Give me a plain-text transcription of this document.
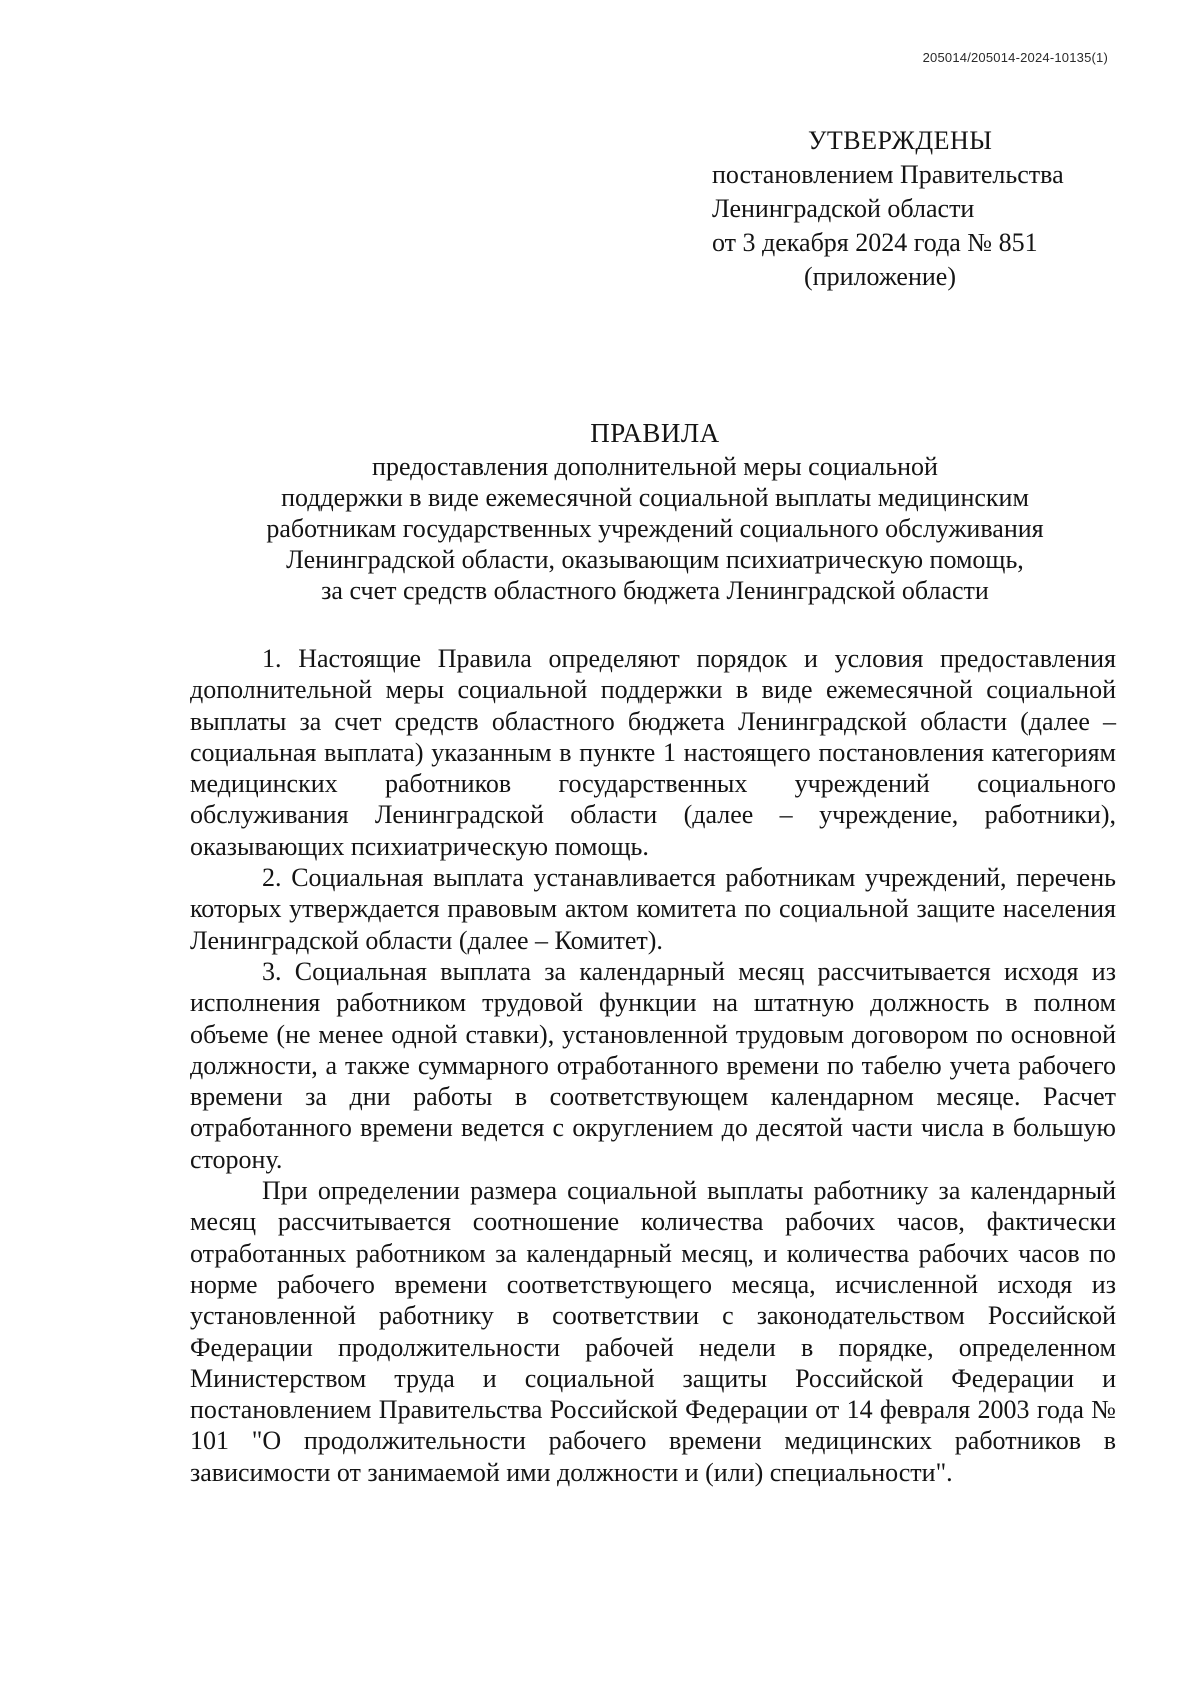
205014/205014-2024-10135(1)
УТВЕРЖДЕНЫ
постановлением Правительства
Ленинградской области
от 3 декабря 2024 года № 851
(приложение)
ПРАВИЛА
предоставления дополнительной меры социальной
поддержки в виде ежемесячной социальной выплаты медицинским
работникам государственных учреждений социального обслуживания
Ленинградской области, оказывающим психиатрическую помощь,
за счет средств областного бюджета Ленинградской области

1. Настоящие Правила определяют порядок и условия предоставления дополнительной меры социальной поддержки в виде ежемесячной социальной выплаты за счет средств областного бюджета Ленинградской области (далее – социальная выплата) указанным в пункте 1 настоящего постановления категориям медицинских работников государственных учреждений социального обслуживания Ленинградской области (далее – учреждение, работники), оказывающих психиатрическую помощь.

2. Социальная выплата устанавливается работникам учреждений, перечень которых утверждается правовым актом комитета по социальной защите населения Ленинградской области (далее – Комитет).

3. Социальная выплата за календарный месяц рассчитывается исходя из исполнения работником трудовой функции на штатную должность в полном объеме (не менее одной ставки), установленной трудовым договором по основной должности, а также суммарного отработанного времени по табелю учета рабочего времени за дни работы в соответствующем календарном месяце. Расчет отработанного времени ведется с округлением до десятой части числа в большую сторону.

При определении размера социальной выплаты работнику за календарный месяц рассчитывается соотношение количества рабочих часов, фактически отработанных работником за календарный месяц, и количества рабочих часов по норме рабочего времени соответствующего месяца, исчисленной исходя из установленной работнику в соответствии с законодательством Российской Федерации продолжительности рабочей недели в порядке, определенном Министерством труда и социальной защиты Российской Федерации и постановлением Правительства Российской Федерации от 14 февраля 2003 года № 101 "О продолжительности рабочего времени медицинских работников в зависимости от занимаемой ими должности и (или) специальности".
